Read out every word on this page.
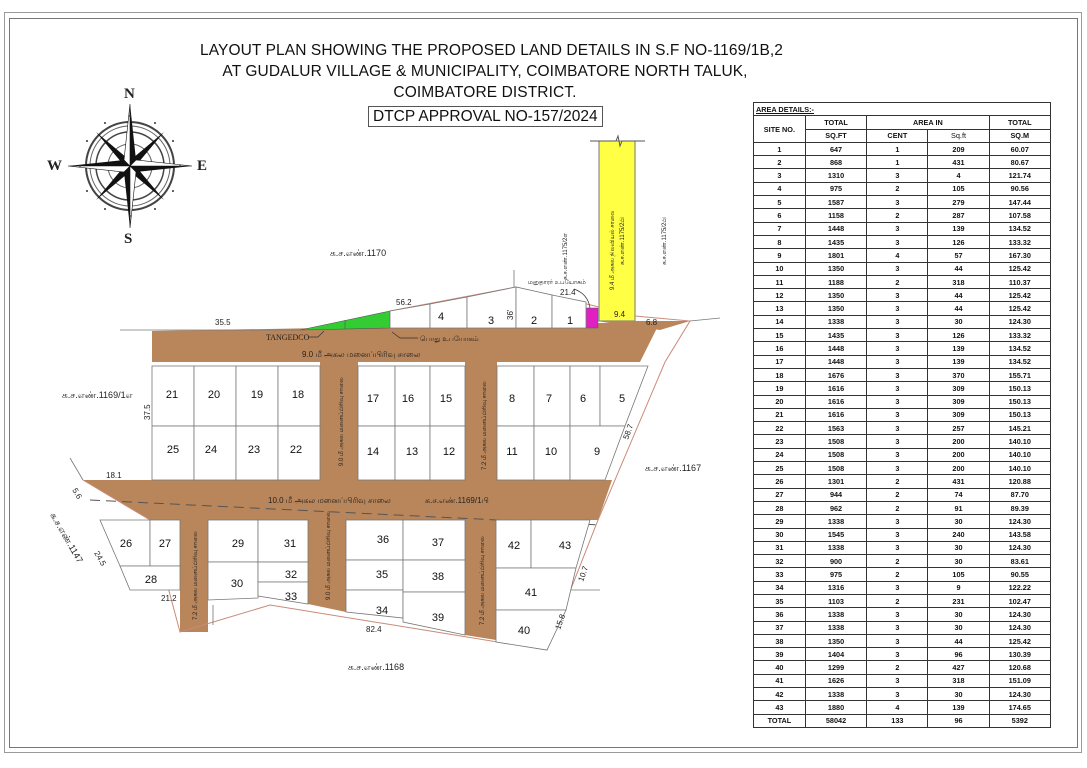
LAYOUT PLAN SHOWING THE PROPOSED LAND DETAILS IN S.F NO-1169/1B,2
AT GUDALUR VILLAGE & MUNICIPALITY, COIMBATORE NORTH TALUK,
COIMBATORE DISTRICT.
DTCP APPROVAL NO-157/2024
9.0 மீ அகல மனைப்பிரிவு சாலை
10.0 மீ அகல மனைப்பிரிவு சாலை	க.ச.எண்.1169/1பி
9.0 மீ அகல மனைப்பிரிவு சாலை	7.2 மீ அகல மனைப்பிரிவு சாலை
7.2 மீ அகல மனைப்பிரிவு சாலை	9.0 மீ அகல மனைப்பிரிவு சாலை	7.2 மீ அகல மனைப்பிரிவு சாலை
9.4 மீ அகல நிலவியல் சாலை க.ச.எண்.1175/2பி
க.ச.எண்.1170
க.ச.எண்.1169/1எ
க.ச.எண்.1167
க.ச.எண்.1168
க.ச.எண்.1147
க.ச.எண்.1175/2எ	க.ச.எண்.1175/2பி
TANGEDCO	பொது உபயோகம்
மனுதாரர் உபயோகம்
35.5
56.2
21.4
9.4
6.8
37.5
18.1
5.6
24.5
21.2
58.7
10.7
15.8
82.4
36'
1
2
3
4
5
6
7
8
9
10
11
12
13
14
15
16
17
18
19
20
21
22
23
24
25
26 27
28
29
30
31
32
33
34
35
36	37
38
39
40
41
42	43
N
S
E
W
AREA DETAILS:-				
SITE NO.	TOTAL	AREA IN		TOTAL
	SQ.FT	CENT	Sq.ft	SQ.M
1	647	1	209	60.07
2	868	1	431	80.67
3	1310	3	4	121.74
4	975	2	105	90.56
5	1587	3	279	147.44
6	1158	2	287	107.58
7	1448	3	139	134.52
8	1435	3	126	133.32
9	1801	4	57	167.30
10	1350	3	44	125.42
11	1188	2	318	110.37
12	1350	3	44	125.42
13	1350	3	44	125.42
14	1338	3	30	124.30
15	1435	3	126	133.32
16	1448	3	139	134.52
17	1448	3	139	134.52
18	1676	3	370	155.71
19	1616	3	309	150.13
20	1616	3	309	150.13
21	1616	3	309	150.13
22	1563	3	257	145.21
23	1508	3	200	140.10
24	1508	3	200	140.10
25	1508	3	200	140.10
26	1301	2	431	120.88
27	944	2	74	87.70
28	962	2	91	89.39
29	1338	3	30	124.30
30	1545	3	240	143.58
31	1338	3	30	124.30
32	900	2	30	83.61
33	975	2	105	90.55
34	1316	3	9	122.22
35	1103	2	231	102.47
36	1338	3	30	124.30
37	1338	3	30	124.30
38	1350	3	44	125.42
39	1404	3	96	130.39
40	1299	2	427	120.68
41	1626	3	318	151.09
42	1338	3	30	124.30
43	1880	4	139	174.65
TOTAL	58042	133	96	5392
